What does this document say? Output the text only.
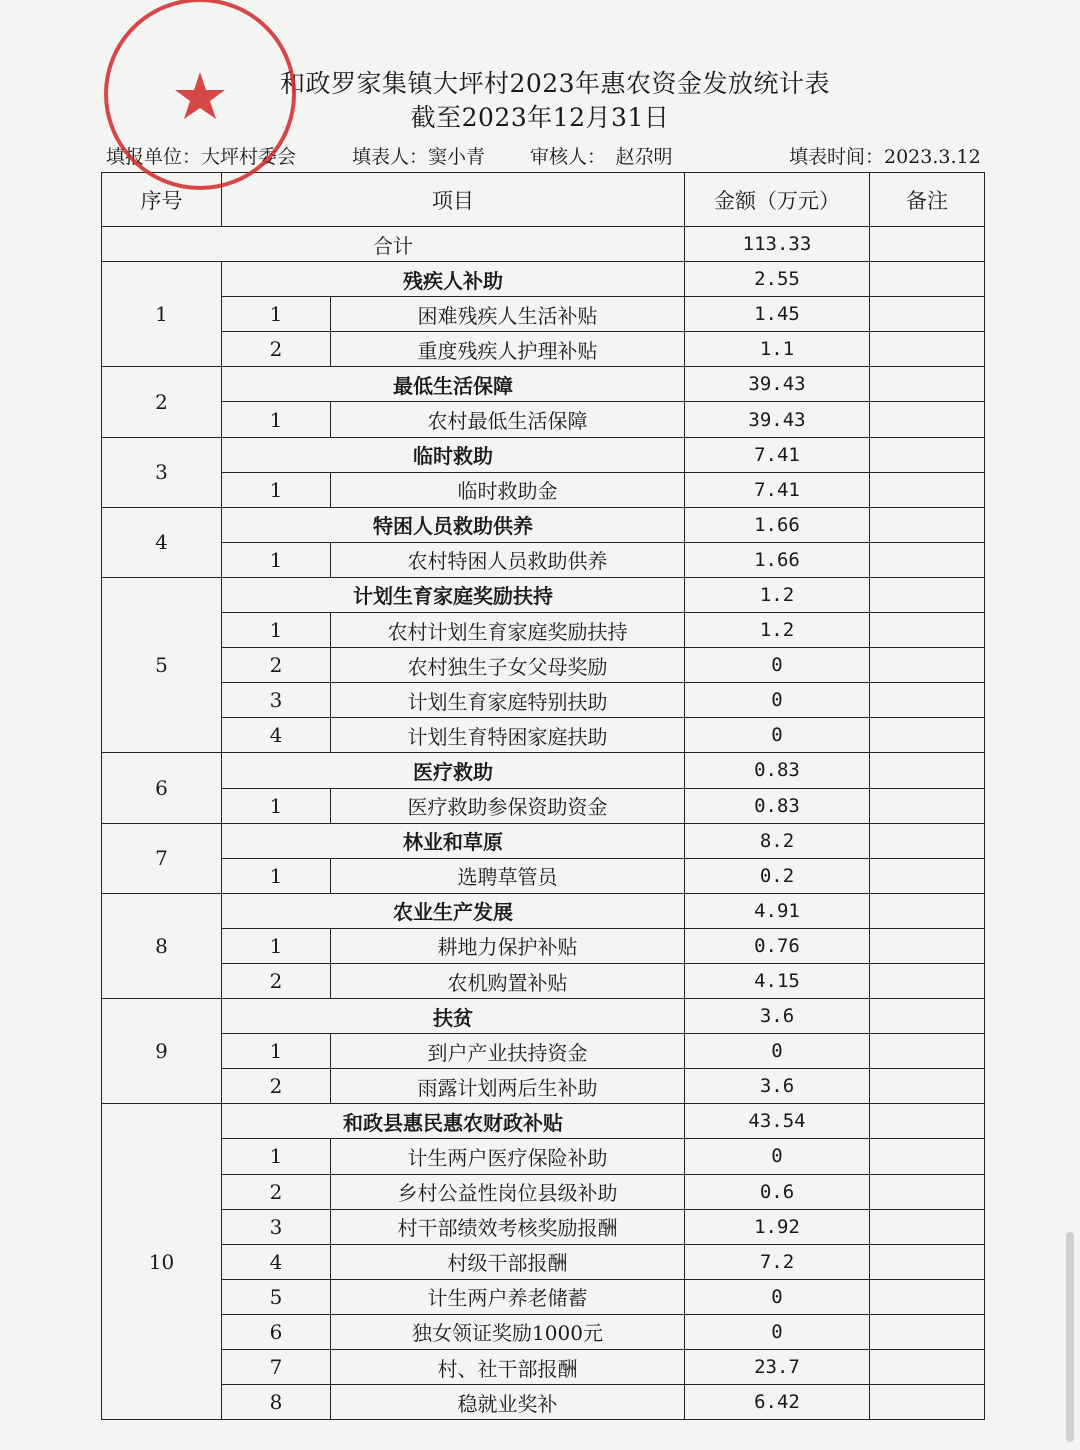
和政罗家集镇大坪村2023年惠农资金发放统计表
截至2023年12月31日
填报单位：大坪村委会	填表人：窦小青 审核人：　赵尕明	填表时间：2023.3.12
序号	项目		金额（万元）	备注
合计			113.33	
1	残疾人补助		2.55	
	1	困难残疾人生活补贴	1.45	
	2	重度残疾人护理补贴	1.1	
2	最低生活保障		39.43	
	1	农村最低生活保障	39.43	
3	临时救助		7.41	
	1	临时救助金	7.41	
4	特困人员救助供养		1.66	
	1	农村特困人员救助供养	1.66	
5	计划生育家庭奖励扶持		1.2	
	1	农村计划生育家庭奖励扶持	1.2	
	2	农村独生子女父母奖励	0	
	3	计划生育家庭特别扶助	0	
	4	计划生育特困家庭扶助	0	
6	医疗救助		0.83	
	1	医疗救助参保资助资金	0.83	
7	林业和草原		8.2	
	1	选聘草管员	0.2	
8	农业生产发展		4.91	
	1	耕地力保护补贴	0.76	
	2	农机购置补贴	4.15	
9	扶贫		3.6	
	1	到户产业扶持资金	0	
	2	雨露计划两后生补助	3.6	
10	和政县惠民惠农财政补贴		43.54	
	1	计生两户医疗保险补助	0	
	2	乡村公益性岗位县级补助	0.6	
	3	村干部绩效考核奖励报酬	1.92	
	4	村级干部报酬	7.2	
	5	计生两户养老储蓄	0	
	6	独女领证奖励1000元	0	
	7	村、社干部报酬	23.7	
	8	稳就业奖补	6.42	
